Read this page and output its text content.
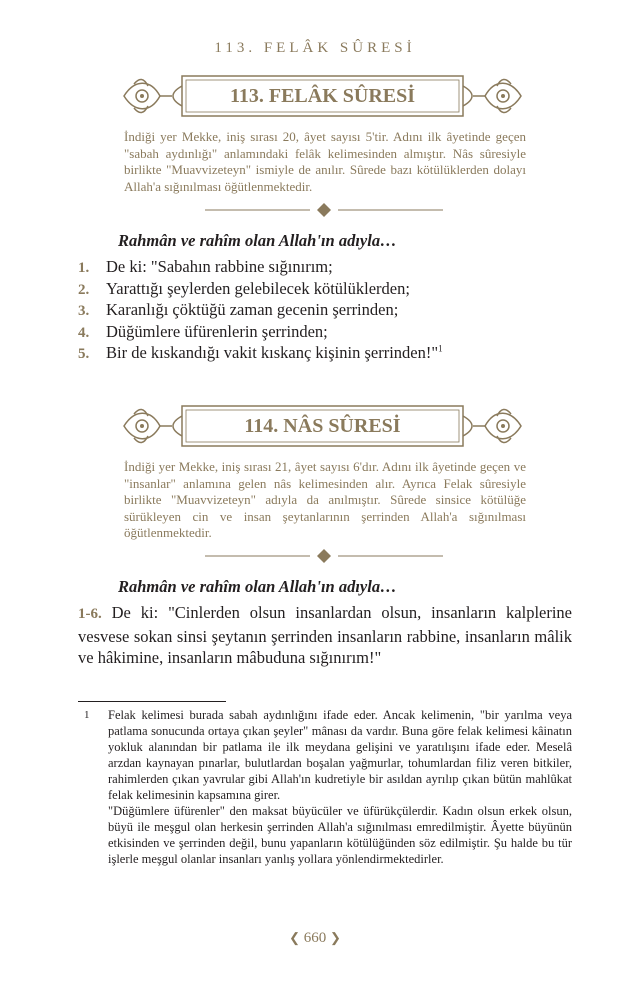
113. FELÂK SÛRESİ
113. FELÂK SÛRESİ
İndiği yer Mekke, iniş sırası 20, âyet sayısı 5'tir. Adını ilk âyetinde geçen "sabah aydınlığı" anlamındaki felâk kelimesinden almıştır. Nâs sûresiyle birlikte "Muavvizeteyn" ismiyle de anılır. Sûrede bazı kötülüklerden dolayı Allah'a sığınılması öğütlenmektedir.
Rahmân ve rahîm olan Allah'ın adıyla…
1. De ki: "Sabahın rabbine sığınırım;
2. Yarattığı şeylerden gelebilecek kötülüklerden;
3. Karanlığı çöktüğü zaman gecenin şerrinden;
4. Düğümlere üfürenlerin şerrinden;
5. Bir de kıskandığı vakit kıskanç kişinin şerrinden!"$^1$
114. NÂS SÛRESİ
İndiği yer Mekke, iniş sırası 21, âyet sayısı 6'dır. Adını ilk âyetinde geçen ve "insanlar" anlamına gelen nâs kelimesinden alır. Ayrıca Felak sûresiyle birlikte "Muavvizeteyn" adıyla da anılmıştır. Sûrede sinsice kötülüğe sürükleyen cin ve insan şeytanlarının şerrinden Allah'a sığınılması öğütlenmektedir.
Rahmân ve rahîm olan Allah'ın adıyla…
1-6. De ki: "Cinlerden olsun insanlardan olsun, insanların kalplerine vesvese sokan sinsi şeytanın şerrinden insanların rabbine, insanların mâlik ve hâkimine, insanların mâbuduna sığınırım!"
1 Felak kelimesi burada sabah aydınlığını ifade eder. Ancak kelimenin, "bir yarılma veya patlama sonucunda ortaya çıkan şeyler" mânası da vardır. Buna göre felak kelimesi kâinatın yokluk alanından bir patlama ile ilk meydana gelişini ve yaratılışını ifade eder. Meselâ arzdan kaynayan pınarlar, bulutlardan boşalan yağmurlar, tohumlardan filiz veren bitkiler, rahimlerden çıkan yavrular gibi Allah'ın kudretiyle bir asıldan ayrılıp çıkan bütün mahlûkat felak kelimesinin kapsamına girer.

"Düğümlere üfürenler" den maksat büyücüler ve üfürükçülerdir. Kadın olsun erkek olsun, büyü ile meşgul olan herkesin şerrinden Allah'a sığınılması emredilmiştir. Âyette büyünün etkisinden ve şerrinden değil, bunu yapanların kötülüğünden söz edilmiştir. Şu halde bu tür işlerle meşgul olanlar insanları yanlış yollara yönlendirmektedirler.

❮ 660 ❯
